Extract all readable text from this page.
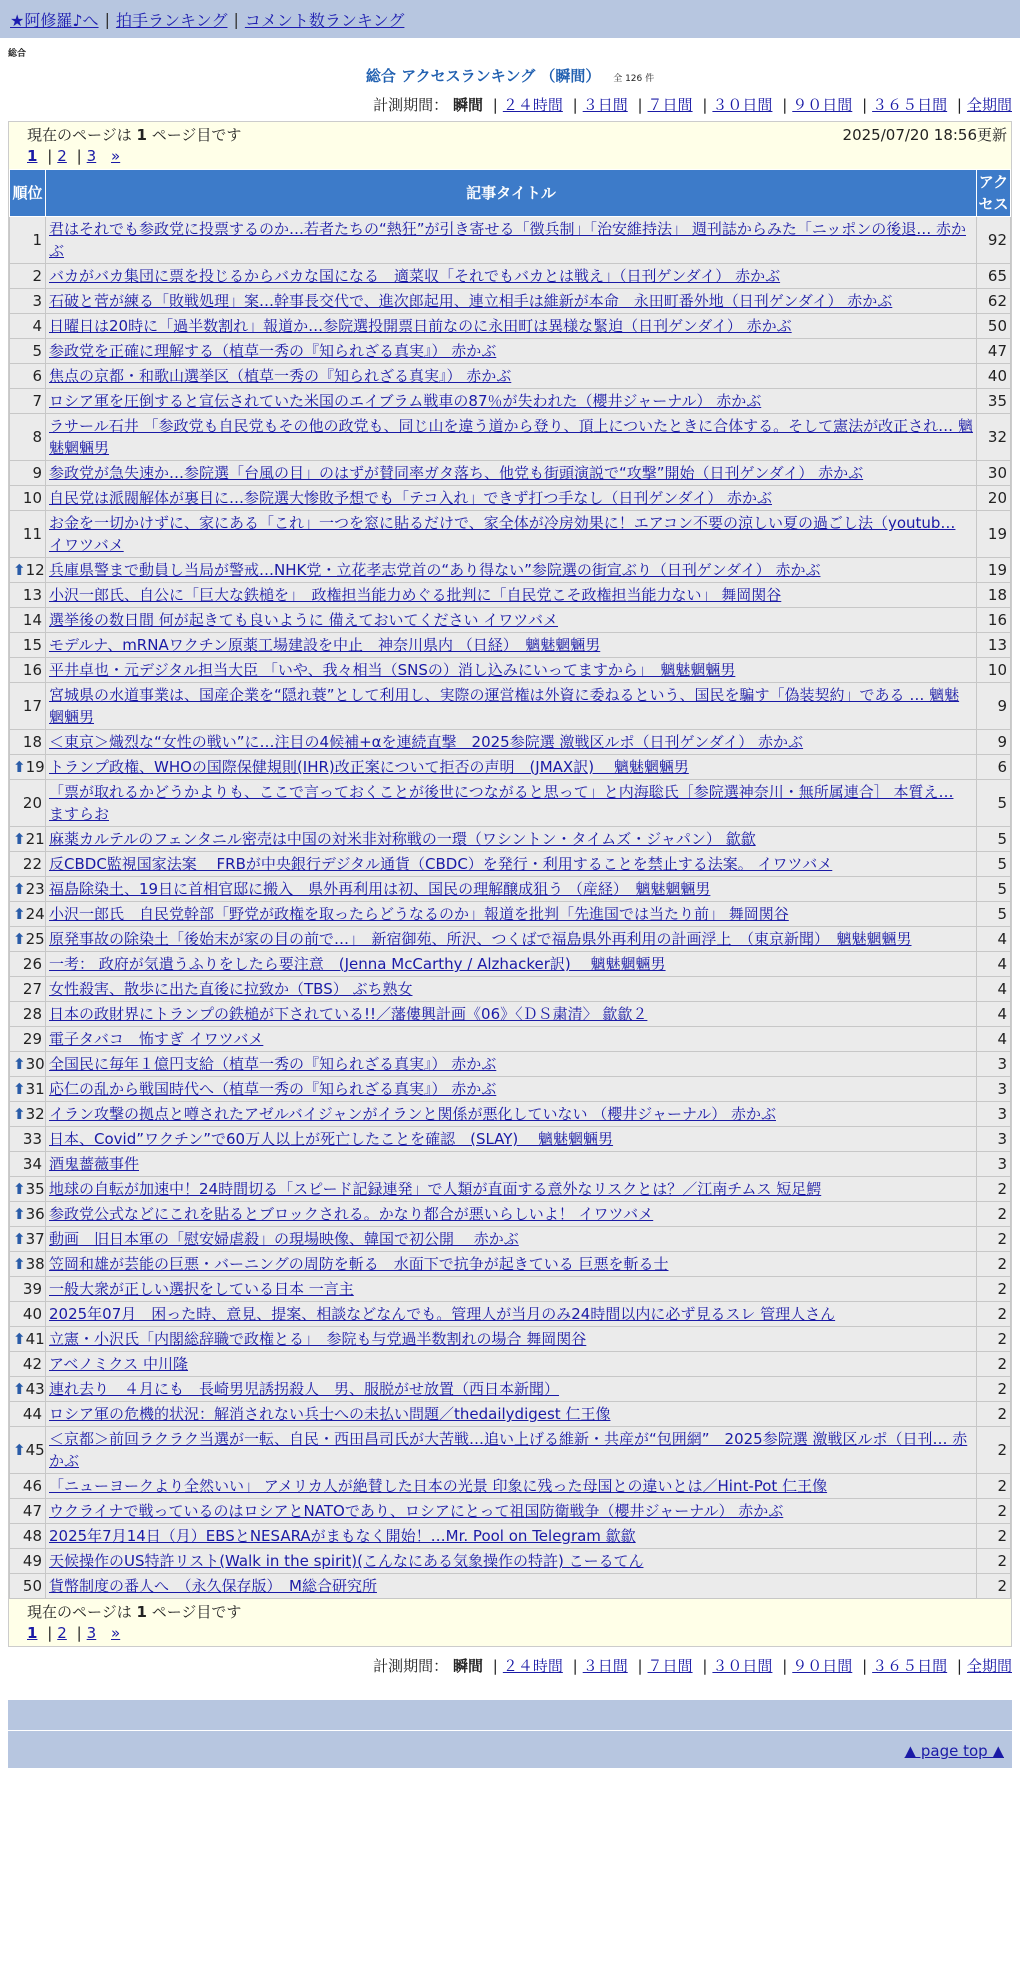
★阿修羅♪へ | 拍手ランキング | コメント数ランキング
総合
総合 アクセスランキング （瞬間） 全 126 件
計測期間： 瞬間 | ２４時間 | ３日間 | ７日間 | ３０日間 | ９０日間 | ３６５日間 | 全期間
現在のページは 1 ページ目です	2025/07/20 18:56更新
1 | 2 | 3 »
順位	記事タイトル	アクセス
1	君はそれでも参政党に投票するのか…若者たちの“熱狂”が引き寄せる「徴兵制」「治安維持法」 週刊誌からみた「ニッポンの後退… 赤かぶ	92
2	バカがバカ集団に票を投じるからバカな国になる　適菜収「それでもバカとは戦え」（日刊ゲンダイ） 赤かぶ	65
3	石破と菅が練る「敗戦処理」案…幹事長交代で、進次郎起用、連立相手は維新が本命　永田町番外地（日刊ゲンダイ） 赤かぶ	62
4	日曜日は20時に「過半数割れ」報道か…参院選投開票日前なのに永田町は異様な緊迫（日刊ゲンダイ） 赤かぶ	50
5	参政党を正確に理解する（植草一秀の『知られざる真実』） 赤かぶ	47
6	焦点の京都・和歌山選挙区（植草一秀の『知られざる真実』） 赤かぶ	40
7	ロシア軍を圧倒すると宣伝されていた米国のエイブラム戦車の87％が失われた（櫻井ジャーナル） 赤かぶ	35
8	ラサール石井 「参政党も自民党もその他の政党も、同じ山を違う道から登り、頂上についたときに合体する。そして憲法が改正され… 魑魅魍魎男	32
9	参政党が急失速か…参院選「台風の目」のはずが賛同率ガタ落ち、他党も街頭演説で“攻撃”開始（日刊ゲンダイ） 赤かぶ	30
10	自民党は派閥解体が裏目に…参院選大惨敗予想でも「テコ入れ」できず打つ手なし（日刊ゲンダイ） 赤かぶ	20
11	お金を一切かけずに、家にある「これ」一つを窓に貼るだけで、家全体が冷房効果に！エアコン不要の涼しい夏の過ごし法（youtub… イワツバメ	19

⬆ 12	兵庫県警まで動員し当局が警戒…NHK党・立花孝志党首の“あり得ない”参院選の街宣ぶり（日刊ゲンダイ） 赤かぶ	19
13	小沢一郎氏、自公に「巨大な鉄槌を」　政権担当能力めぐる批判に「自民党こそ政権担当能力ない」 舞岡関谷	18
14	選挙後の数日間 何が起きても良いように 備えておいてください イワツバメ	16
15	モデルナ、mRNAワクチン原薬工場建設を中止　神奈川県内 （日経）　魑魅魍魎男	13
16	平井卓也・元デジタル担当大臣 「いや、我々相当（SNSの）消し込みにいってますから」　魑魅魍魎男	10
17	宮城県の水道事業は、国産企業を“隠れ蓑”として利用し、実際の運営権は外資に委ねるという、国民を騙す「偽装契約」である … 魑魅魍魎男	9
18	＜東京＞熾烈な“女性の戦い”に…注目の4候補+αを連続直撃　2025参院選 激戦区ルポ（日刊ゲンダイ） 赤かぶ	9

⬆ 19	トランプ政権、WHOの国際保健規則(IHR)改正案について拒否の声明　(JMAX訳)　 魑魅魍魎男	6
20	「票が取れるかどうかよりも、ここで言っておくことが後世につながると思って」と内海聡氏［参院選神奈川・無所属連合］ 本質え… ますらお	5

⬆ 21	麻薬カルテルのフェンタニル密売は中国の対米非対称戦の一環（ワシントン・タイムズ・ジャパン） 歙歙	5
22	反CBDC監視国家法案　 FRBが中央銀行デジタル通貨（CBDC）を発行・利用することを禁止する法案。 イワツバメ	5

⬆ 23	福島除染土、19日に首相官邸に搬入　県外再利用は初、国民の理解醸成狙う （産経）　魑魅魍魎男	5

⬆ 24	小沢一郎氏　自民党幹部「野党が政権を取ったらどうなるのか」報道を批判「先進国では当たり前」 舞岡関谷	5

⬆ 25	原発事故の除染土「後始末が家の目の前で…」　新宿御苑、所沢、つくばで福島県外再利用の計画浮上　（東京新聞）　魑魅魍魎男	4
26	一考： 政府が気遣うふりをしたら要注意　(Jenna McCarthy / Alzhacker訳)　 魑魅魍魎男	4
27	女性殺害、散歩に出た直後に拉致か（TBS） ぶち熟女	4
28	日本の政財界にトランプの鉄槌が下されている!!／藩僂興計画《06》〈ＤＳ粛清〉 歙歙２	4
29	電子タバコ　怖すぎ イワツバメ	4

⬆ 30	全国民に毎年１億円支給（植草一秀の『知られざる真実』） 赤かぶ	3

⬆ 31	応仁の乱から戦国時代へ（植草一秀の『知られざる真実』） 赤かぶ	3

⬆ 32	イラン攻撃の拠点と噂されたアゼルバイジャンがイランと関係が悪化していない （櫻井ジャーナル） 赤かぶ	3
33	日本、Covid”ワクチン”で60万人以上が死亡したことを確認　(SLAY)　 魑魅魍魎男	3
34	酒鬼薔薇事件	3

⬆ 35	地球の自転が加速中！24時間切る「スピード記録連発」で人類が直面する意外なリスクとは？／江南チムス 短足鰐	2

⬆ 36	参政党公式などにこれを貼るとブロックされる。かなり都合が悪いらしいよ！ イワツバメ	2

⬆ 37	動画　旧日本軍の「慰安婦虐殺」の現場映像、韓国で初公開　 赤かぶ	2

⬆ 38	笠岡和雄が芸能の巨悪・バーニングの周防を斬る　水面下で抗争が起きている 巨悪を斬る士	2
39	一般大衆が正しい選択をしている日本 一言主	2
40	2025年07月　困った時、意見、提案、相談などなんでも。管理人が当月のみ24時間以内に必ず見るスレ 管理人さん	2

⬆ 41	立憲・小沢氏「内閣総辞職で政権とる」　参院も与党過半数割れの場合 舞岡関谷	2
42	アベノミクス 中川隆	2

⬆ 43	連れ去り　４月にも　長崎男児誘拐殺人　男、服脱がせ放置（西日本新聞）	2
44	ロシア軍の危機的状況：解消されない兵士への未払い問題／thedailydigest 仁王像	2

⬆ 45	＜京都＞前回ラクラク当選が一転、自民・西田昌司氏が大苦戦…追い上げる維新・共産が“包囲網”　2025参院選 激戦区ルポ（日刊… 赤かぶ	2
46	「ニューヨークより全然いい」 アメリカ人が絶賛した日本の光景 印象に残った母国との違いとは／Hint-Pot 仁王像	2
47	ウクライナで戦っているのはロシアとNATOであり、ロシアにとって祖国防衛戦争（櫻井ジャーナル） 赤かぶ	2
48	2025年7月14日（月）EBSとNESARAがまもなく開始！…Mr. Pool on Telegram 歙歙	2
49	天候操作のUS特許リスト(Walk in the spirit)(こんなにある気象操作の特許) こーるてん	2
50	貨幣制度の番人へ　（永久保存版）　M総合研究所	2
現在のページは 1 ページ目です
1 | 2 | 3 »
計測期間： 瞬間 | ２４時間 | ３日間 | ７日間 | ３０日間 | ９０日間 | ３６５日間 | 全期間
▲ page top ▲
